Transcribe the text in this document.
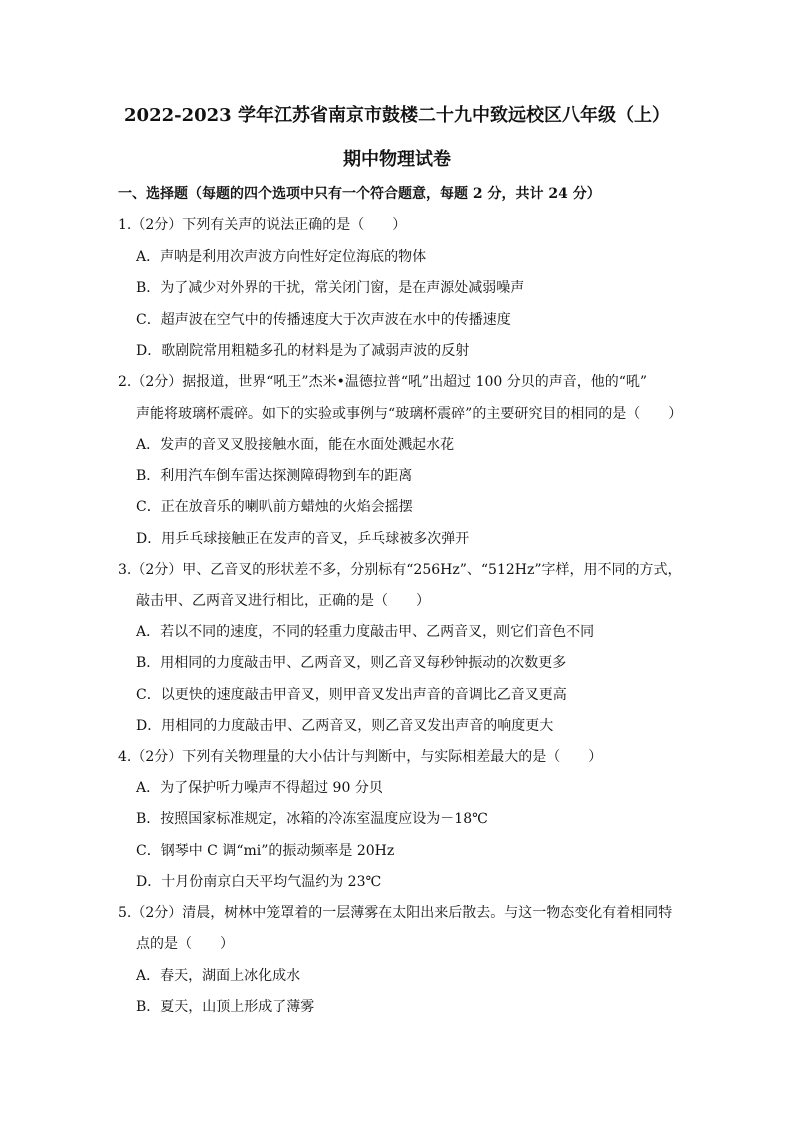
2022-2023 学年江苏省南京市鼓楼二十九中致远校区八年级（上）
期中物理试卷
一、选择题（每题的四个选项中只有一个符合题意，每题 2 分，共计 24 分）
1.（2分）下列有关声的说法正确的是（　　）
A．声呐是利用次声波方向性好定位海底的物体
B．为了减少对外界的干扰，常关闭门窗，是在声源处减弱噪声
C．超声波在空气中的传播速度大于次声波在水中的传播速度
D．歌剧院常用粗糙多孔的材料是为了减弱声波的反射
2.（2分）据报道，世界“吼王”杰米•温德拉普“吼”出超过 100 分贝的声音，他的“吼”
声能将玻璃杯震碎。如下的实验或事例与“玻璃杯震碎”的主要研究目的相同的是（　　）
A．发声的音叉叉股接触水面，能在水面处溅起水花
B．利用汽车倒车雷达探测障碍物到车的距离
C．正在放音乐的喇叭前方蜡烛的火焰会摇摆
D．用乒乓球接触正在发声的音叉，乒乓球被多次弹开
3.（2分）甲、乙音叉的形状差不多，分别标有“256Hz”、“512Hz”字样，用不同的方式，
敲击甲、乙两音叉进行相比，正确的是（　　）
A．若以不同的速度，不同的轻重力度敲击甲、乙两音叉，则它们音色不同
B．用相同的力度敲击甲、乙两音叉，则乙音叉每秒钟振动的次数更多
C．以更快的速度敲击甲音叉，则甲音叉发出声音的音调比乙音叉更高
D．用相同的力度敲击甲、乙两音叉，则乙音叉发出声音的响度更大
4.（2分）下列有关物理量的大小估计与判断中，与实际相差最大的是（　　）
A．为了保护听力噪声不得超过 90 分贝
B．按照国家标准规定，冰箱的冷冻室温度应设为－18℃
C．钢琴中 C 调“mi”的振动频率是 20Hz
D．十月份南京白天平均气温约为 23℃
5.（2分）清晨，树林中笼罩着的一层薄雾在太阳出来后散去。与这一物态变化有着相同特
点的是（　　）
A．春天，湖面上冰化成水
B．夏天，山顶上形成了薄雾
